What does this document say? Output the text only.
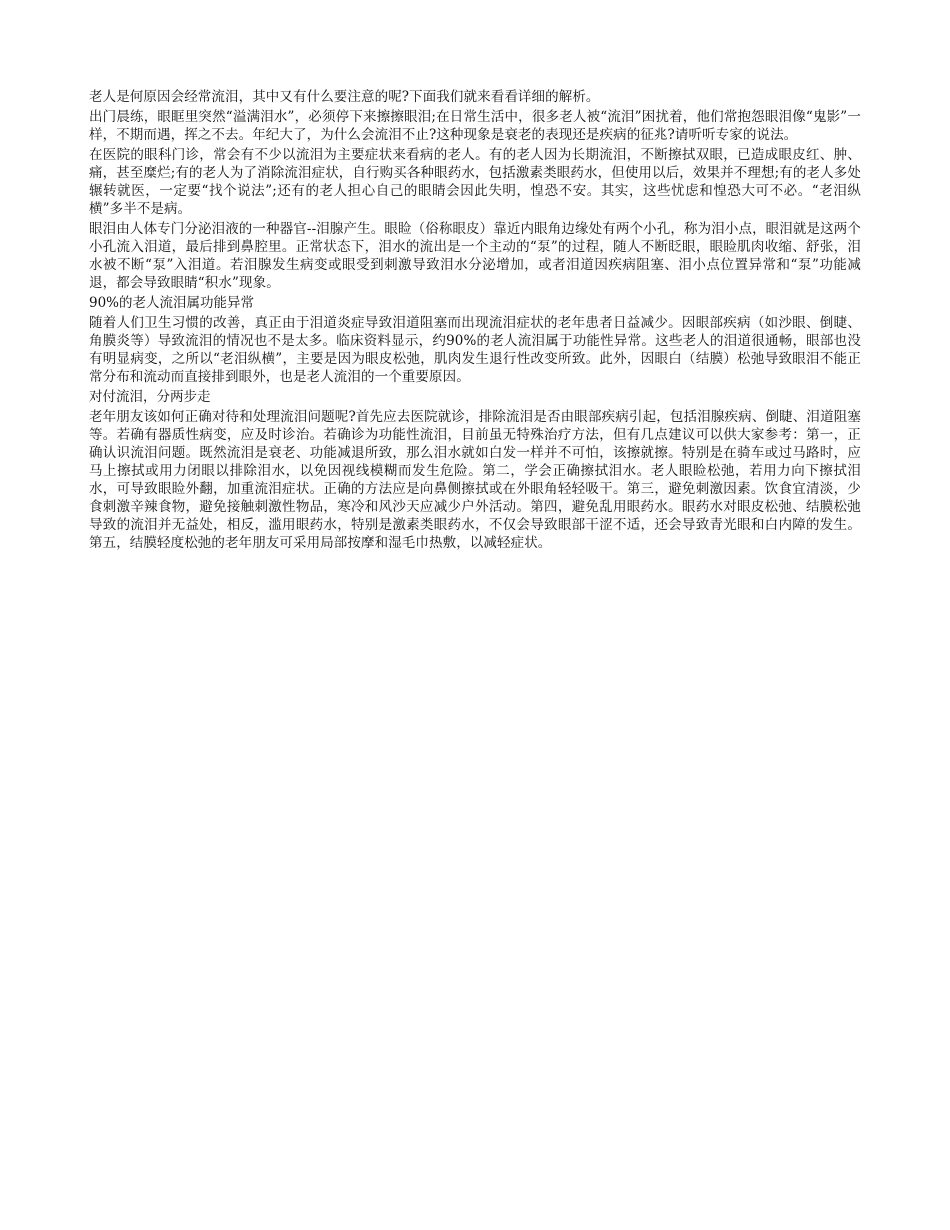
老人是何原因会经常流泪，其中又有什么要注意的呢?下面我们就来看看详细的解析。

出门晨练，眼眶里突然“溢满泪水”，必须停下来擦擦眼泪;在日常生活中，很多老人被“流泪”困扰着，他们常抱怨眼泪像“鬼影”一样，不期而遇，挥之不去。年纪大了，为什么会流泪不止?这种现象是衰老的表现还是疾病的征兆?请听听专家的说法。

在医院的眼科门诊，常会有不少以流泪为主要症状来看病的老人。有的老人因为长期流泪，不断擦拭双眼，已造成眼皮红、肿、痛，甚至糜烂;有的老人为了消除流泪症状，自行购买各种眼药水，包括激素类眼药水，但使用以后，效果并不理想;有的老人多处辗转就医，一定要“找个说法”;还有的老人担心自己的眼睛会因此失明，惶恐不安。其实，这些忧虑和惶恐大可不必。“老泪纵横”多半不是病。

眼泪由人体专门分泌泪液的一种器官--泪腺产生。眼睑（俗称眼皮）靠近内眼角边缘处有两个小孔，称为泪小点，眼泪就是这两个小孔流入泪道，最后排到鼻腔里。正常状态下，泪水的流出是一个主动的“泵”的过程，随人不断眨眼，眼睑肌肉收缩、舒张，泪水被不断“泵”入泪道。若泪腺发生病变或眼受到刺激导致泪水分泌增加，或者泪道因疾病阻塞、泪小点位置异常和“泵”功能减退，都会导致眼睛“积水”现象。

90%的老人流泪属功能异常

随着人们卫生习惯的改善，真正由于泪道炎症导致泪道阻塞而出现流泪症状的老年患者日益减少。因眼部疾病（如沙眼、倒睫、角膜炎等）导致流泪的情况也不是太多。临床资料显示，约90%的老人流泪属于功能性异常。这些老人的泪道很通畅，眼部也没有明显病变，之所以“老泪纵横”，主要是因为眼皮松弛，肌肉发生退行性改变所致。此外，因眼白（结膜）松弛导致眼泪不能正常分布和流动而直接排到眼外，也是老人流泪的一个重要原因。

对付流泪，分两步走

老年朋友该如何正确对待和处理流泪问题呢?首先应去医院就诊，排除流泪是否由眼部疾病引起，包括泪腺疾病、倒睫、泪道阻塞等。若确有器质性病变，应及时诊治。若确诊为功能性流泪，目前虽无特殊治疗方法，但有几点建议可以供大家参考：第一，正确认识流泪问题。既然流泪是衰老、功能减退所致，那么泪水就如白发一样并不可怕，该擦就擦。特别是在骑车或过马路时，应马上擦拭或用力闭眼以排除泪水，以免因视线模糊而发生危险。第二，学会正确擦拭泪水。老人眼睑松弛，若用力向下擦拭泪水，可导致眼睑外翻，加重流泪症状。正确的方法应是向鼻侧擦拭或在外眼角轻轻吸干。第三，避免刺激因素。饮食宜清淡，少食刺激辛辣食物，避免接触刺激性物品，寒冷和风沙天应减少户外活动。第四，避免乱用眼药水。眼药水对眼皮松弛、结膜松弛导致的流泪并无益处，相反，滥用眼药水，特别是激素类眼药水，不仅会导致眼部干涩不适，还会导致青光眼和白内障的发生。第五，结膜轻度松弛的老年朋友可采用局部按摩和湿毛巾热敷，以减轻症状。
